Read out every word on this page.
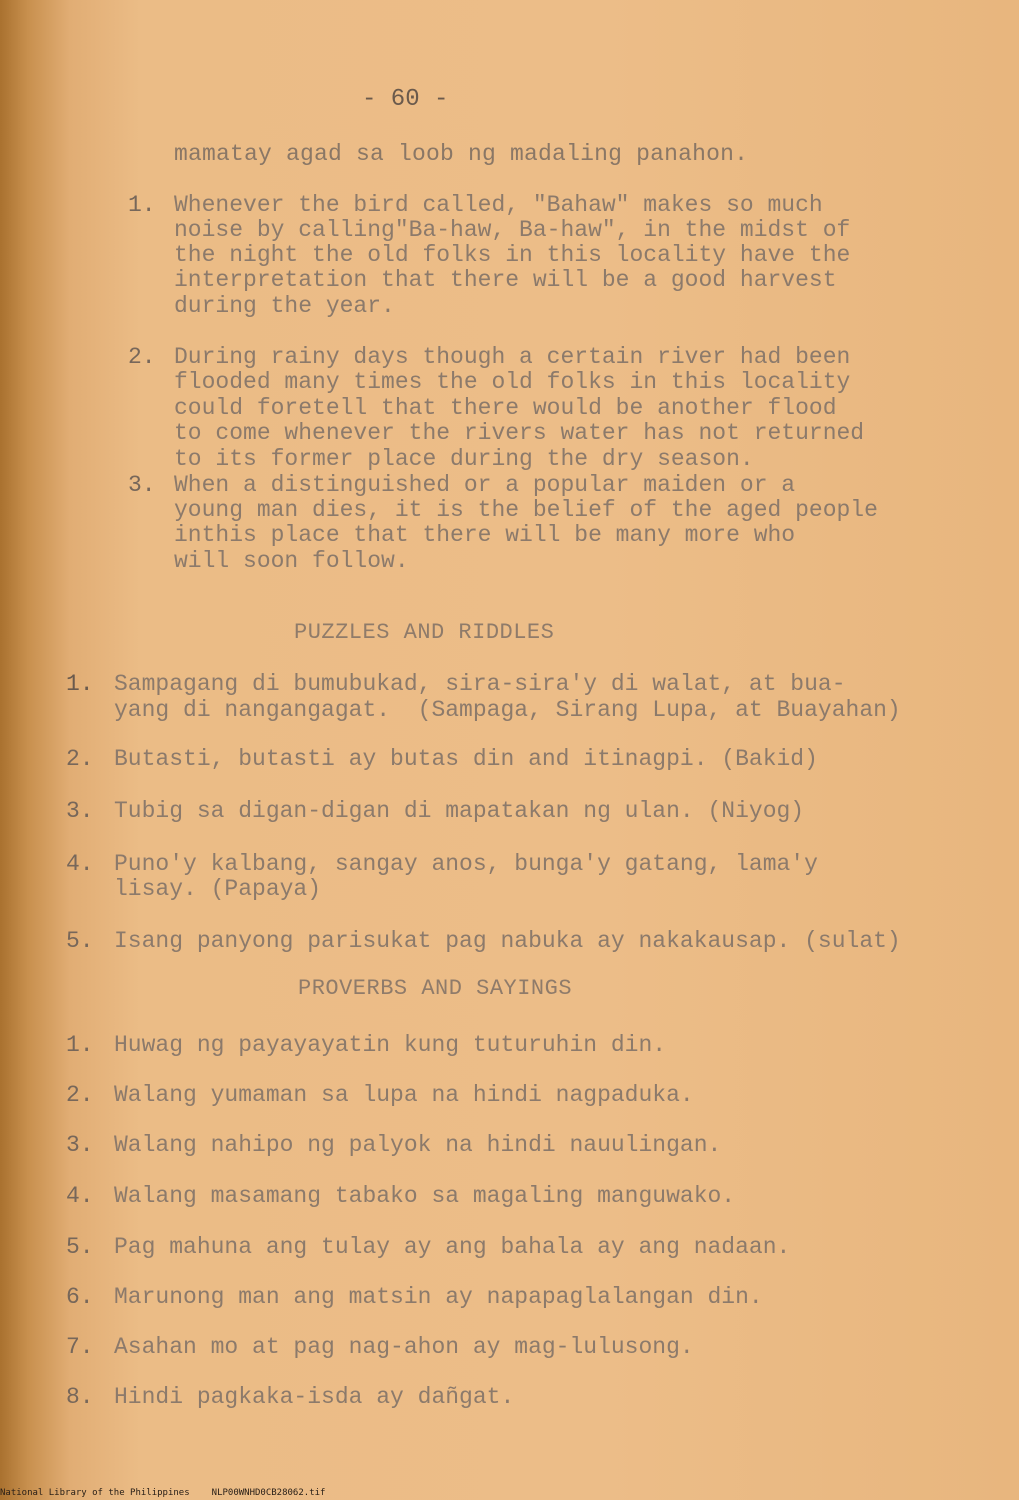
- 60 -
mamatay agad sa loob ng madaling panahon.
1. Whenever the bird called, "Bahaw" makes so much
noise by calling"Ba-haw, Ba-haw", in the midst of
the night the old folks in this locality have the
interpretation that there will be a good harvest
during the year.
2. During rainy days though a certain river had been
flooded many times the old folks in this locality
could foretell that there would be another flood
to come whenever the rivers water has not returned
to its former place during the dry season.
3. When a distinguished or a popular maiden or a
young man dies, it is the belief of the aged people
inthis place that there will be many more who
will soon follow.
PUZZLES AND RIDDLES
1. Sampagang di bumubukad, sira-sira'y di walat, at bua-
yang di nangangagat.  (Sampaga, Sirang Lupa, at Buayahan)
2. Butasti, butasti ay butas din and itinagpi. (Bakid)
3. Tubig sa digan-digan di mapatakan ng ulan. (Niyog)
4. Puno'y kalbang, sangay anos, bunga'y gatang, lama'y
lisay. (Papaya)
5. Isang panyong parisukat pag nabuka ay nakakausap. (sulat)
PROVERBS AND SAYINGS
1. Huwag ng payayayatin kung tuturuhin din.
2. Walang yumaman sa lupa na hindi nagpaduka.
3. Walang nahipo ng palyok na hindi nauulingan.
4. Walang masamang tabako sa magaling manguwako.
5. Pag mahuna ang tulay ay ang bahala ay ang nadaan.
6. Marunong man ang matsin ay napapaglalangan din.
7. Asahan mo at pag nag-ahon ay mag-lulusong.
8. Hindi pagkaka-isda ay dañgat.
National Library of the Philippines NLP00WNHD0CB28062.tif
